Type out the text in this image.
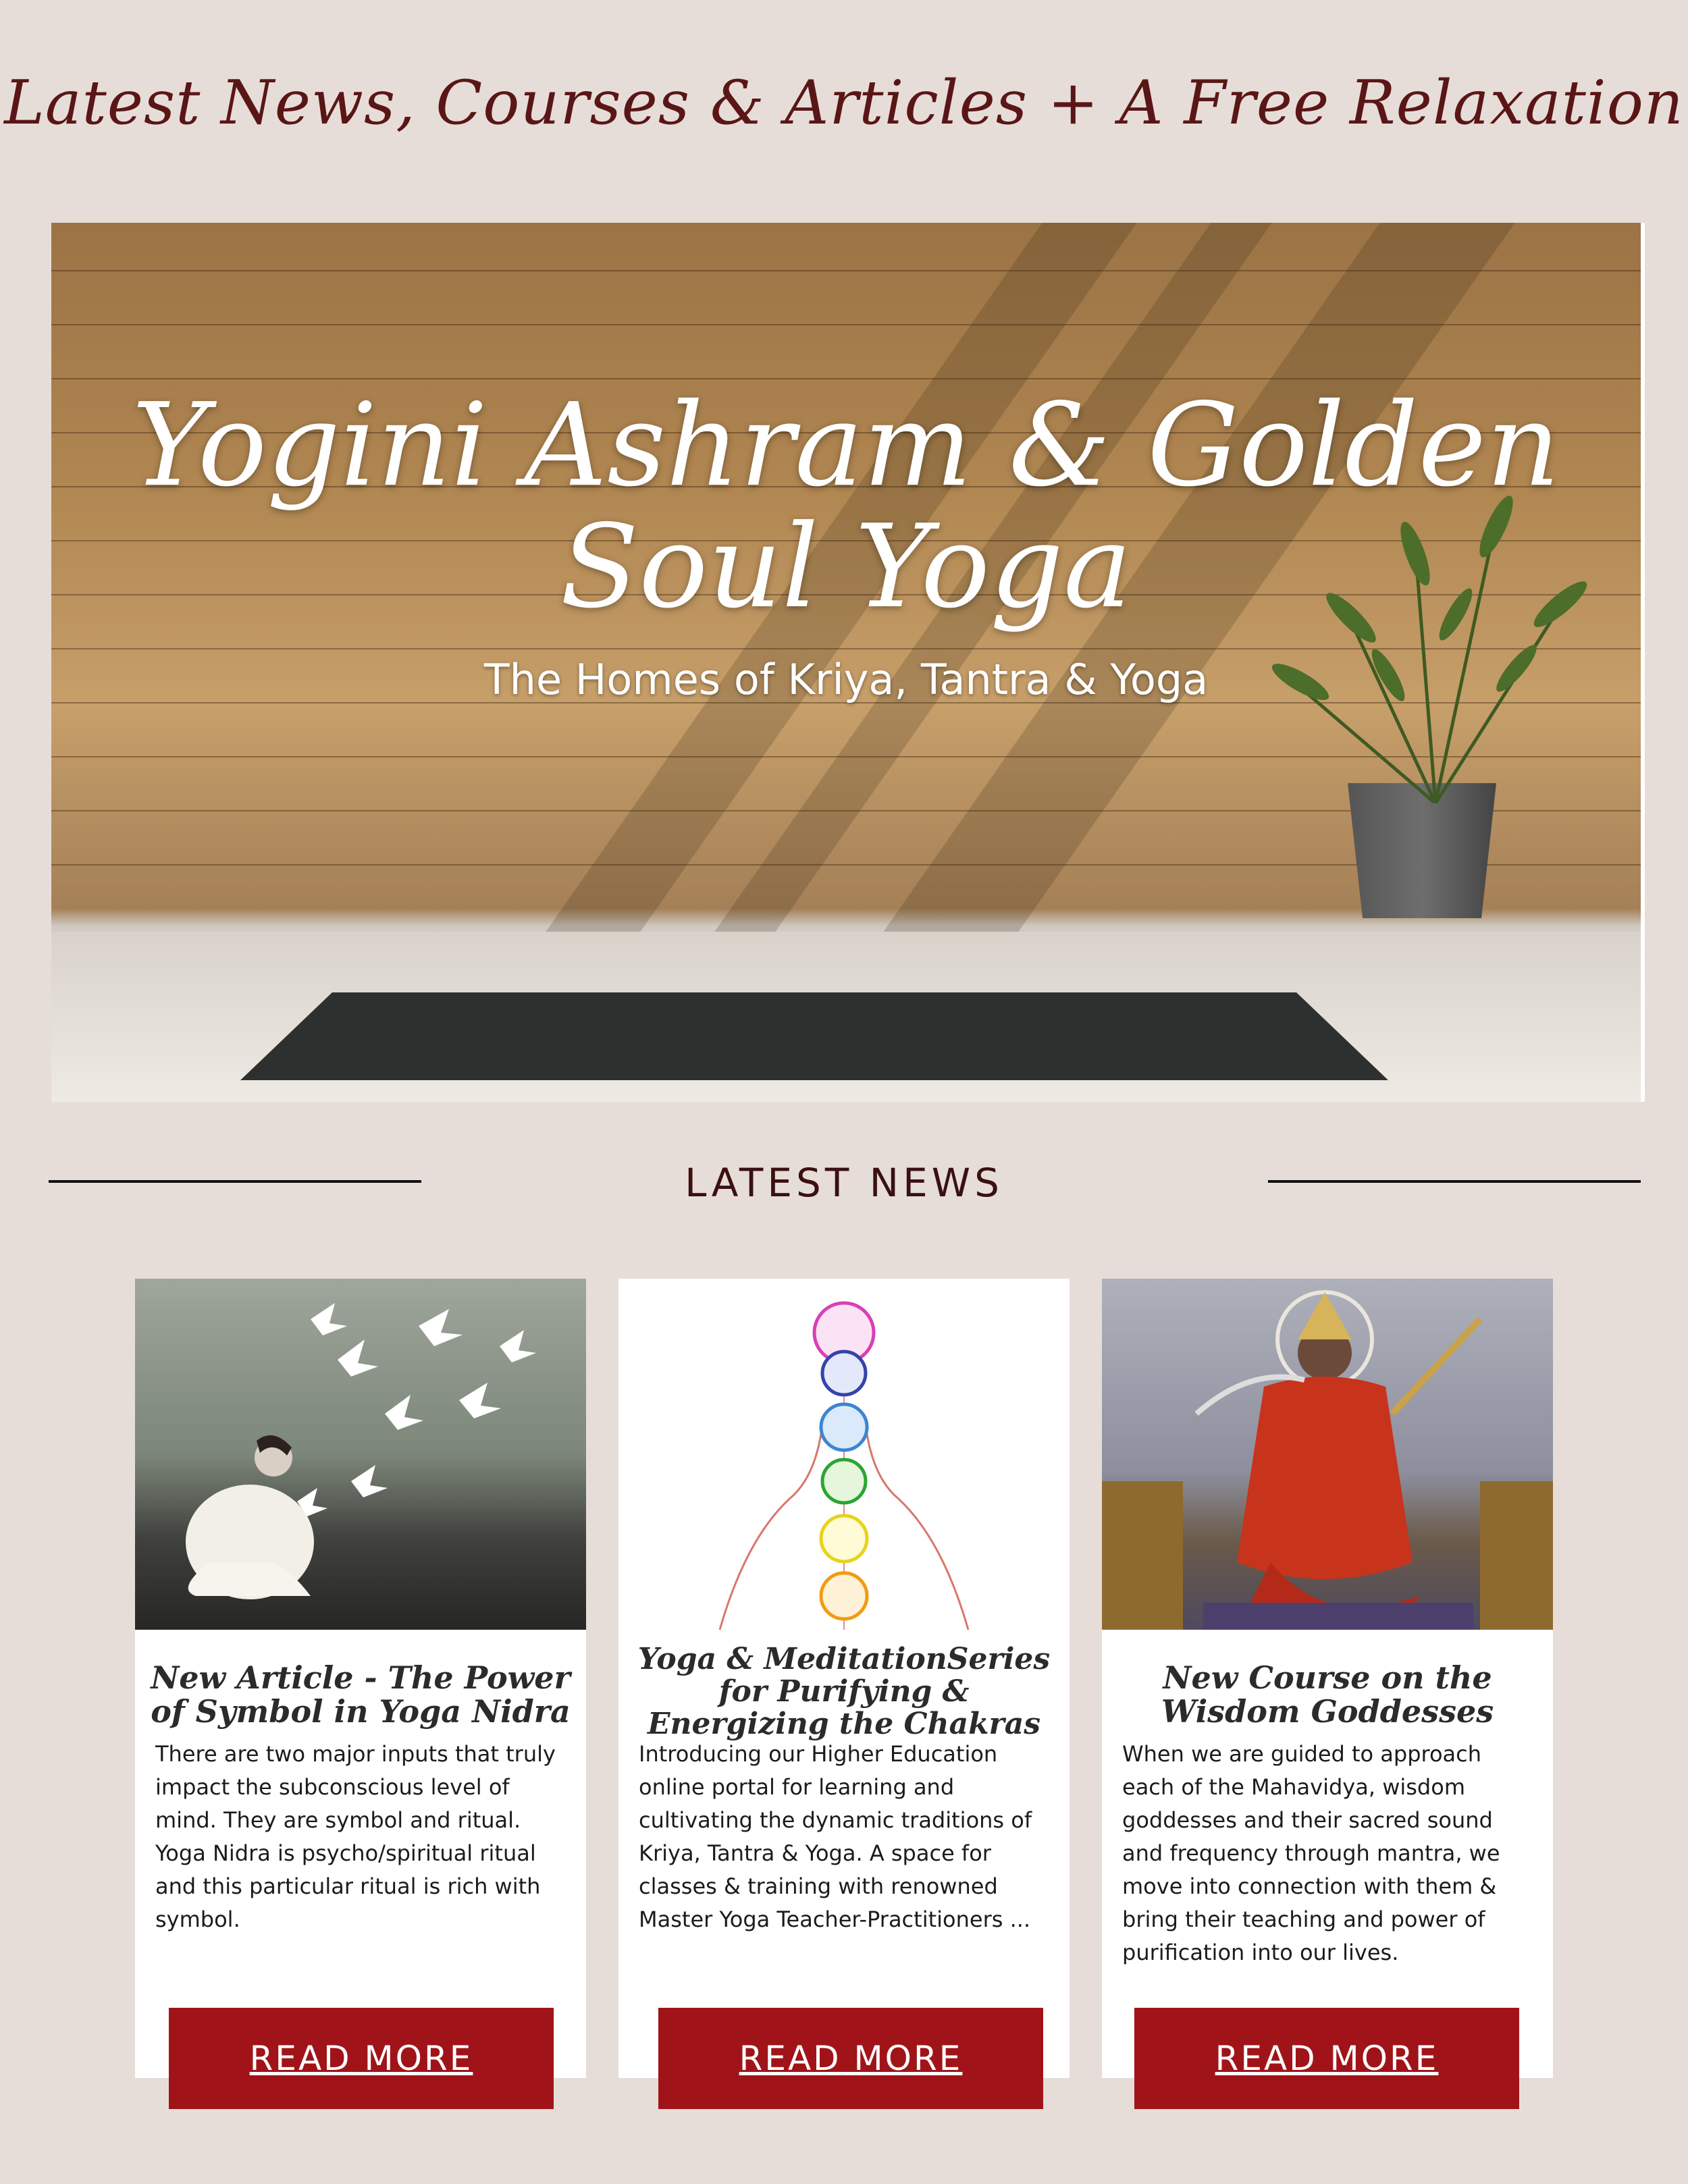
Latest News, Courses & Articles + A Free Relaxation
Yogini Ashram & Golden
Soul Yoga
The Homes of Kriya, Tantra & Yoga
LATEST NEWS
New Article - The Power of Symbol in Yoga Nidra
There are two major inputs that truly impact the subconscious level of mind. They are symbol and ritual. Yoga Nidra is psycho/spiritual ritual and this particular ritual is rich with symbol.
READ MORE
Yoga & MeditationSeries for Purifying & Energizing the Chakras
Introducing our Higher Education online portal for learning and cultivating the dynamic traditions of Kriya, Tantra & Yoga. A space for classes & training with renowned Master Yoga Teacher-Practitioners ...
READ MORE
New Course on the Wisdom Goddesses
When we are guided to approach each of the Mahavidya, wisdom goddesses and their sacred sound and frequency through mantra, we move into connection with them & bring their teaching and power of purification into our lives.
READ MORE
